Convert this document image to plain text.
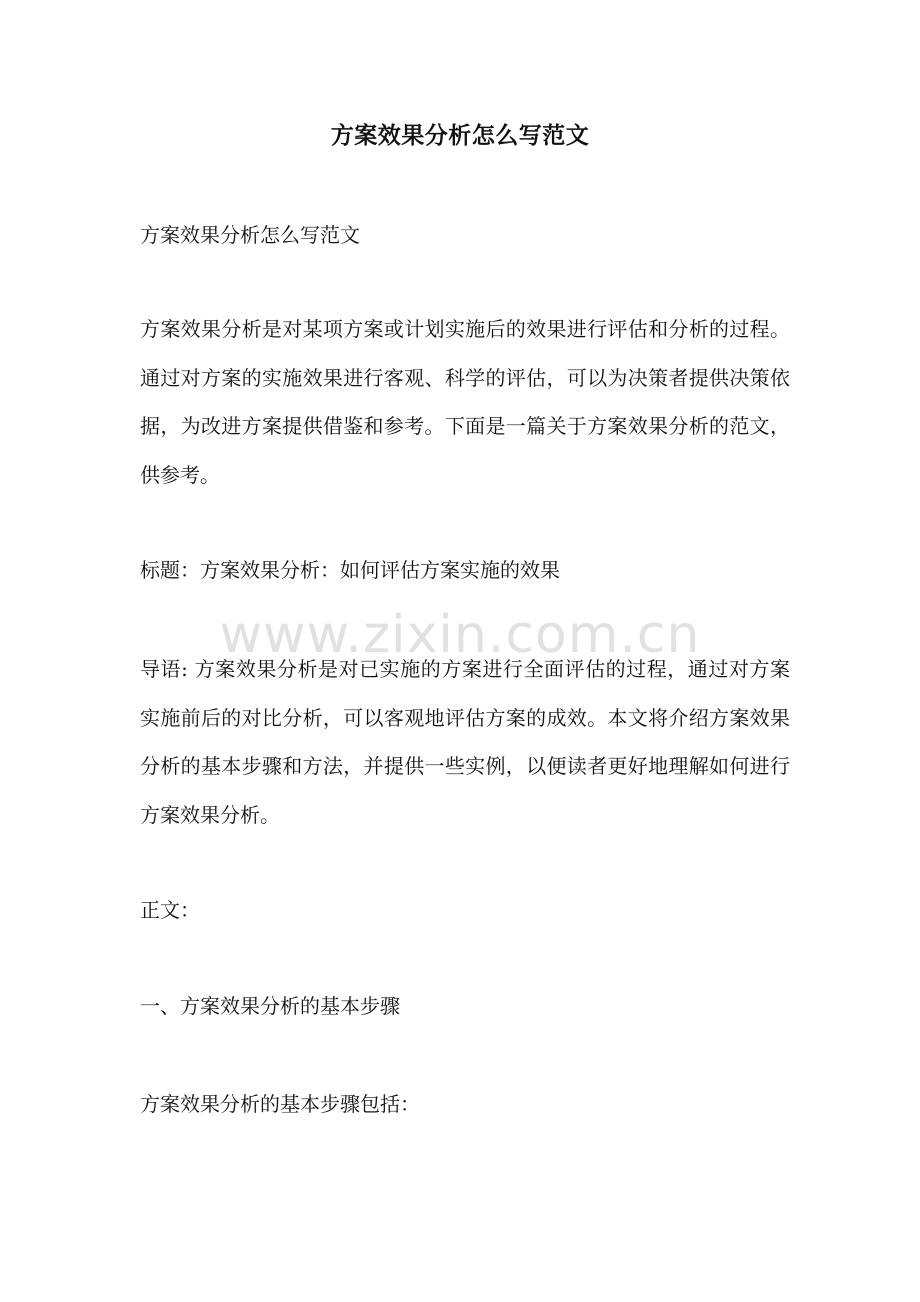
方案效果分析怎么写范文

方案效果分析怎么写范文

方案效果分析是对某项方案或计划实施后的效果进行评估和分析的过程。通过对方案的实施效果进行客观、科学的评估，可以为决策者提供决策依据，为改进方案提供借鉴和参考。下面是一篇关于方案效果分析的范文，供参考。

标题：方案效果分析：如何评估方案实施的效果

导语: 方案效果分析是对已实施的方案进行全面评估的过程，通过对方案实施前后的对比分析，可以客观地评估方案的成效。本文将介绍方案效果分析的基本步骤和方法，并提供一些实例，以便读者更好地理解如何进行方案效果分析。

正文：

一、方案效果分析的基本步骤

方案效果分析的基本步骤包括：

www.zixin.com.cn
